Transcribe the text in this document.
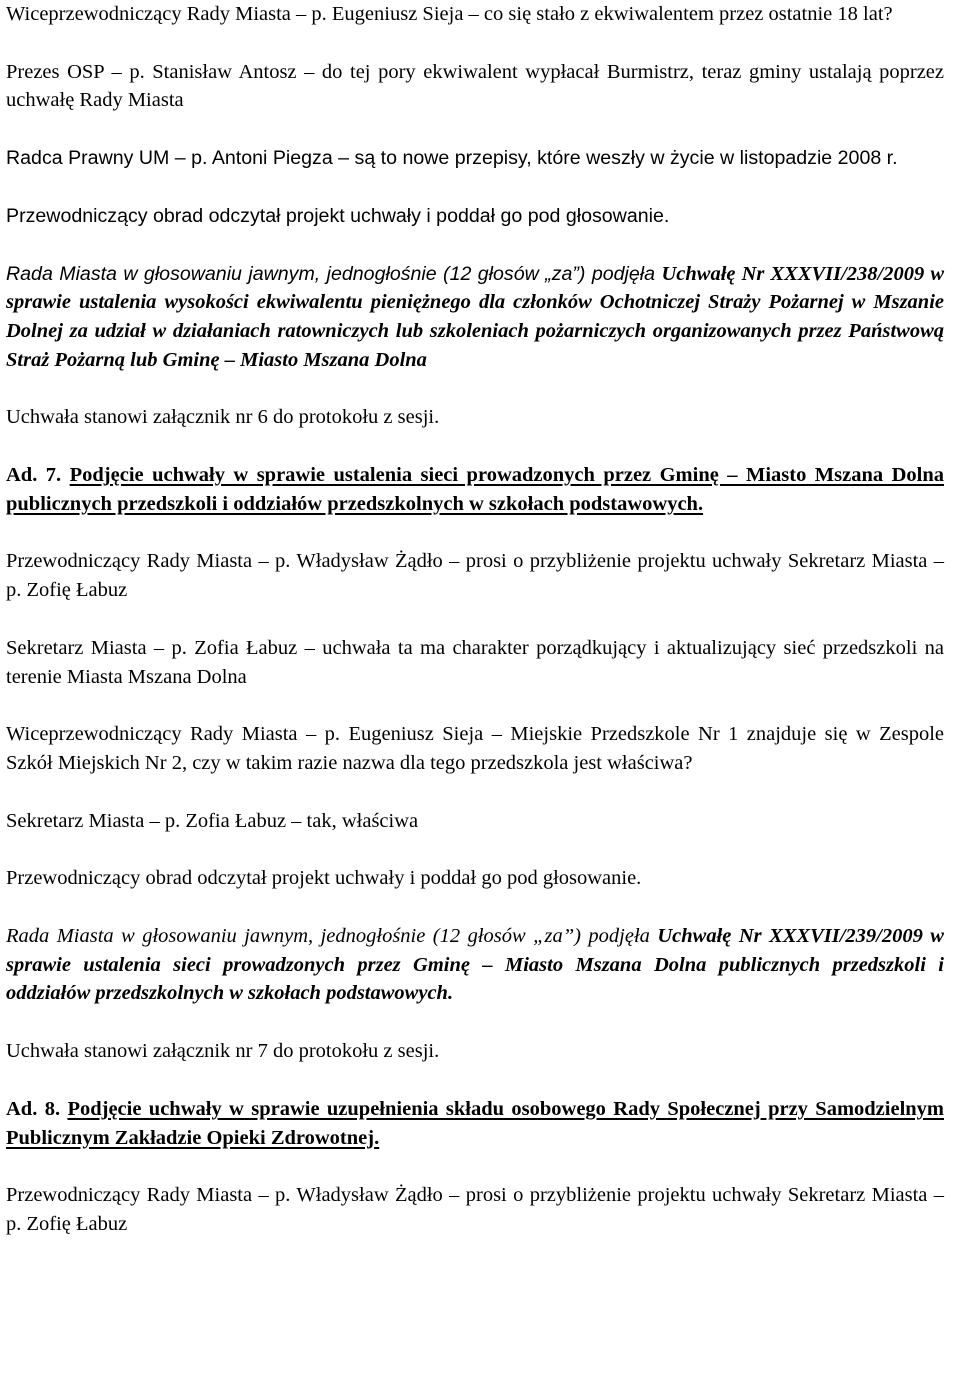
Wiceprzewodniczący Rady Miasta – p. Eugeniusz Sieja – co się stało z ekwiwalentem przez ostatnie 18 lat?

Prezes OSP – p. Stanisław Antosz – do tej pory ekwiwalent wypłacał Burmistrz, teraz gminy ustalają poprzez uchwałę Rady Miasta

Radca Prawny UM – p. Antoni Piegza – są to nowe przepisy, które weszły w życie w listopadzie 2008 r.

Przewodniczący obrad odczytał projekt uchwały i poddał go pod głosowanie.

Rada Miasta w głosowaniu jawnym, jednogłośnie (12 głosów „za”) podjęła Uchwałę Nr XXXVII/238/2009 w sprawie ustalenia wysokości ekwiwalentu pieniężnego dla członków Ochotniczej Straży Pożarnej w Mszanie Dolnej za udział w działaniach ratowniczych lub szkoleniach pożarniczych organizowanych przez Państwową Straż Pożarną lub Gminę – Miasto Mszana Dolna

Uchwała stanowi załącznik nr 6 do protokołu z sesji.

Ad. 7. Podjęcie uchwały w sprawie ustalenia sieci prowadzonych przez Gminę – Miasto Mszana Dolna publicznych przedszkoli i oddziałów przedszkolnych w szkołach podstawowych.

Przewodniczący Rady Miasta – p. Władysław Żądło – prosi o przybliżenie projektu uchwały Sekretarz Miasta – p. Zofię Łabuz

Sekretarz Miasta – p. Zofia Łabuz – uchwała ta ma charakter porządkujący i aktualizujący sieć przedszkoli na terenie Miasta Mszana Dolna

Wiceprzewodniczący Rady Miasta – p. Eugeniusz Sieja – Miejskie Przedszkole Nr 1 znajduje się w Zespole Szkół Miejskich Nr 2, czy w takim razie nazwa dla tego przedszkola jest właściwa?

Sekretarz Miasta – p. Zofia Łabuz – tak, właściwa

Przewodniczący obrad odczytał projekt uchwały i poddał go pod głosowanie.

Rada Miasta w głosowaniu jawnym, jednogłośnie (12 głosów „za”) podjęła Uchwałę Nr XXXVII/239/2009 w sprawie ustalenia sieci prowadzonych przez Gminę – Miasto Mszana Dolna publicznych przedszkoli i oddziałów przedszkolnych w szkołach podstawowych.

Uchwała stanowi załącznik nr 7 do protokołu z sesji.

Ad. 8. Podjęcie uchwały w sprawie uzupełnienia składu osobowego Rady Społecznej przy Samodzielnym Publicznym Zakładzie Opieki Zdrowotnej.

Przewodniczący Rady Miasta – p. Władysław Żądło – prosi o przybliżenie projektu uchwały Sekretarz Miasta – p. Zofię Łabuz
